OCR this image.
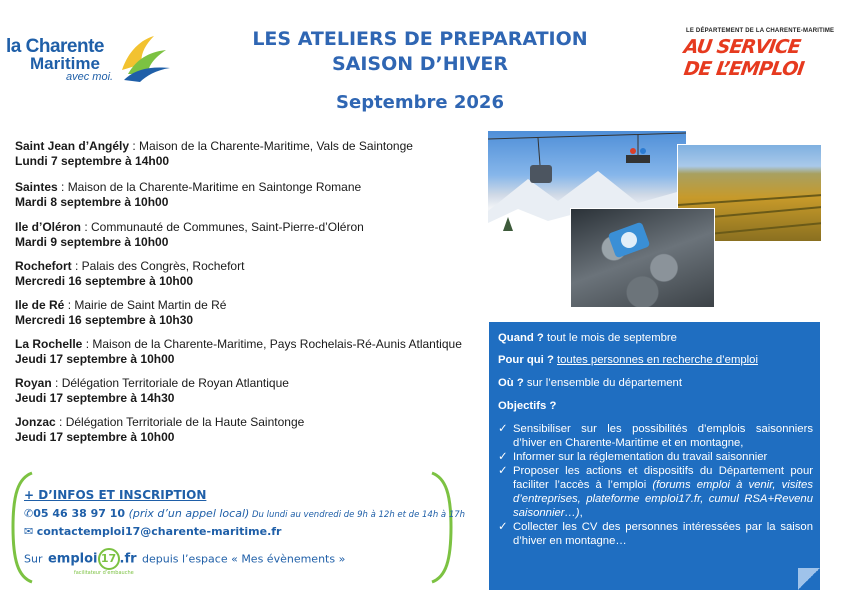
la Charente
Maritime
avec moi.
LES ATELIERS DE PREPARATION
SAISON D’HIVER
Septembre 2026
LE DÉPARTEMENT DE LA CHARENTE-MARITIME
AU SERVICE
DE L’EMPLOI
Saint Jean d’Angély : Maison de la Charente-Maritime, Vals de Saintonge
Lundi 7 septembre à 14h00
Saintes : Maison de la Charente-Maritime en Saintonge Romane
Mardi 8 septembre à 10h00
Ile d’Oléron : Communauté de Communes, Saint-Pierre-d’Oléron
Mardi 9 septembre à 10h00
Rochefort : Palais des Congrès, Rochefort
Mercredi 16 septembre à 10h00
Ile de Ré : Mairie de Saint Martin de Ré
Mercredi 16 septembre à 10h30
La Rochelle : Maison de la Charente-Maritime, Pays Rochelais-Ré-Aunis Atlantique
Jeudi 17 septembre à 10h00
Royan : Délégation Territoriale de Royan Atlantique
Jeudi 17 septembre à 14h30
Jonzac : Délégation Territoriale de la Haute Saintonge
Jeudi 17 septembre à 10h00
+ D’INFOS ET INSCRIPTION
✆05 46 38 97 10 (prix d’un appel local) Du lundi au vendredi de 9h à 12h et de 14h à 17h
✉ contactemploi17@charente-maritime.fr
Sur emploi 17 .fr
facilitateur d’embauche
depuis l’espace « Mes évènements »
Quand ? tout le mois de septembre
Pour qui ? toutes personnes en recherche d’emploi
Où ? sur l’ensemble du département
Objectifs ?
✓ Sensibiliser sur les possibilités d’emplois saisonniers d’hiver en Charente-Maritime et en montagne,
✓ Informer sur la réglementation du travail saisonnier
✓ Proposer les actions et dispositifs du Département pour faciliter l’accès à l’emploi (forums emploi à venir, visites d’entreprises, plateforme emploi17.fr, cumul RSA+Revenu saisonnier…),
✓ Collecter les CV des personnes intéressées par la saison d’hiver en montagne…
